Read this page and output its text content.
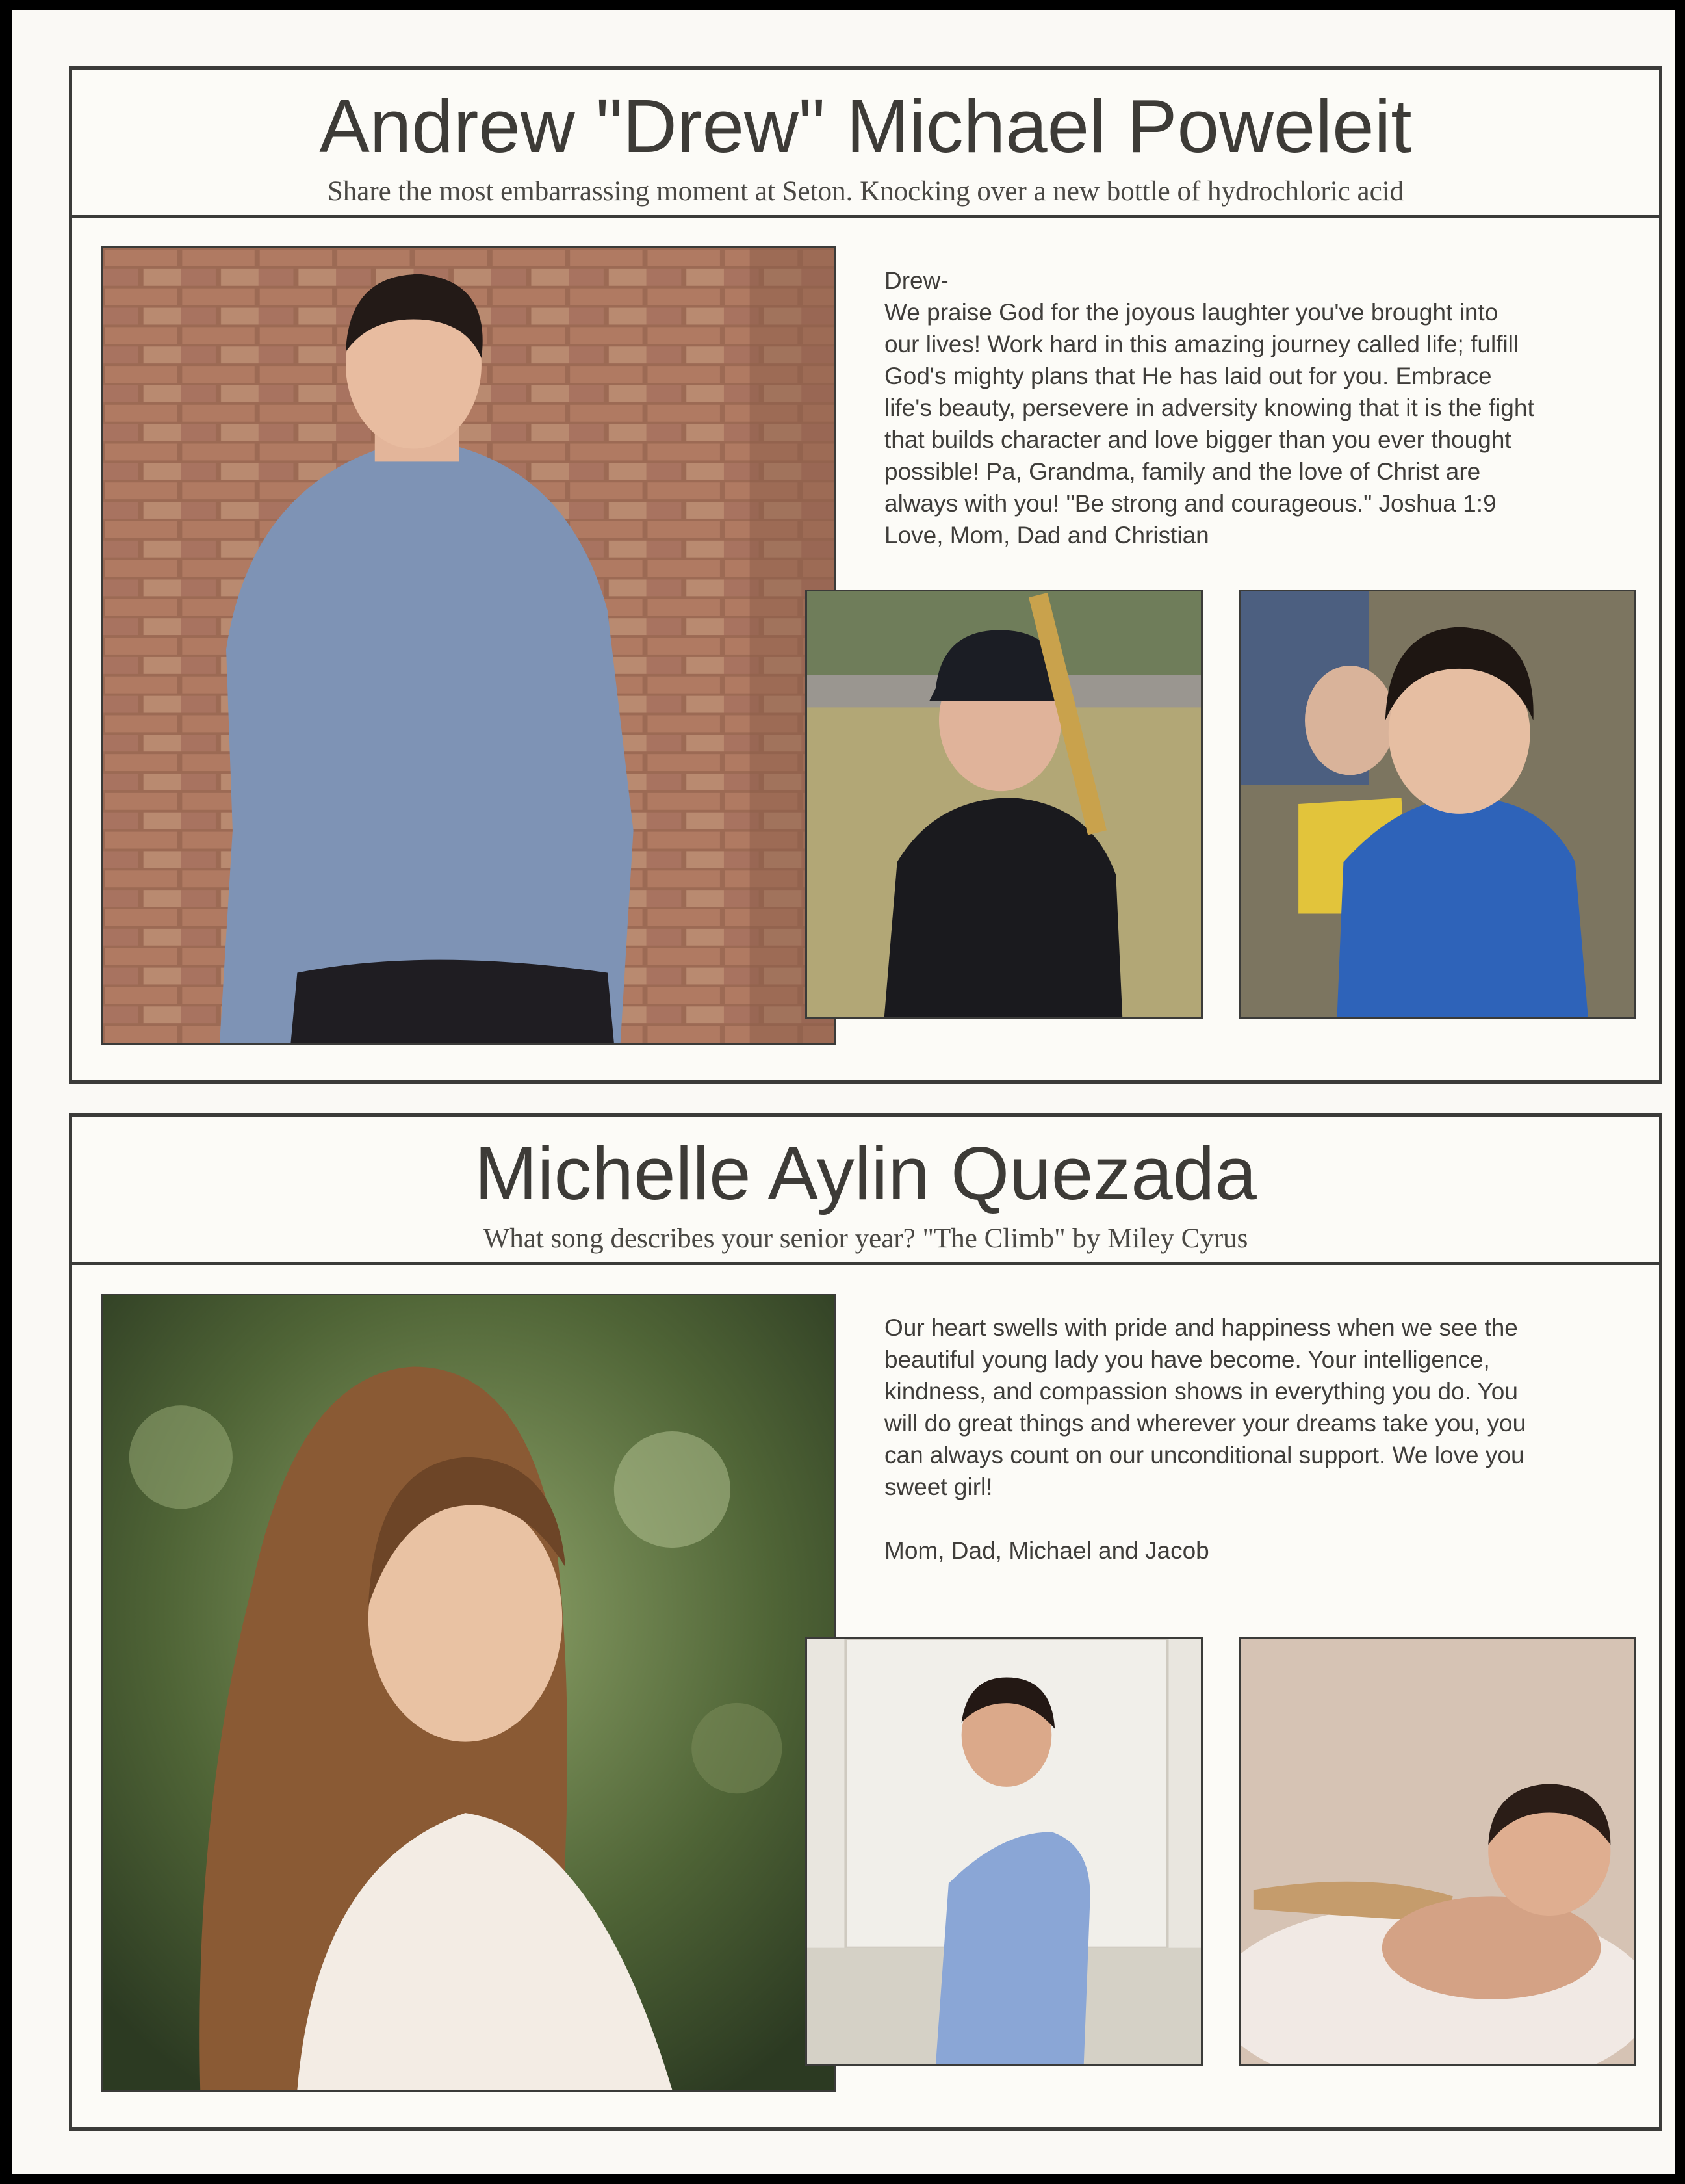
Andrew "Drew" Michael Poweleit
Share the most embarrassing moment at Seton. Knocking over a new bottle of hydrochloric acid

Drew-

We praise God for the joyous laughter you've brought into

our lives! Work hard in this amazing journey called life; fulfill

God's mighty plans that He has laid out for you. Embrace

life's beauty, persevere in adversity knowing that it is the fight

that builds character and love bigger than you ever thought

possible! Pa, Grandma, family and the love of Christ are

always with you! "Be strong and courageous." Joshua 1:9

Love, Mom, Dad and Christian

Michelle Aylin Quezada
What song describes your senior year? "The Climb" by Miley Cyrus

Our heart swells with pride and happiness when we see the

beautiful young lady you have become. Your intelligence,

kindness, and compassion shows in everything you do. You

will do great things and wherever your dreams take you, you

can always count on our unconditional support. We love you

sweet girl!

Mom, Dad, Michael and Jacob
